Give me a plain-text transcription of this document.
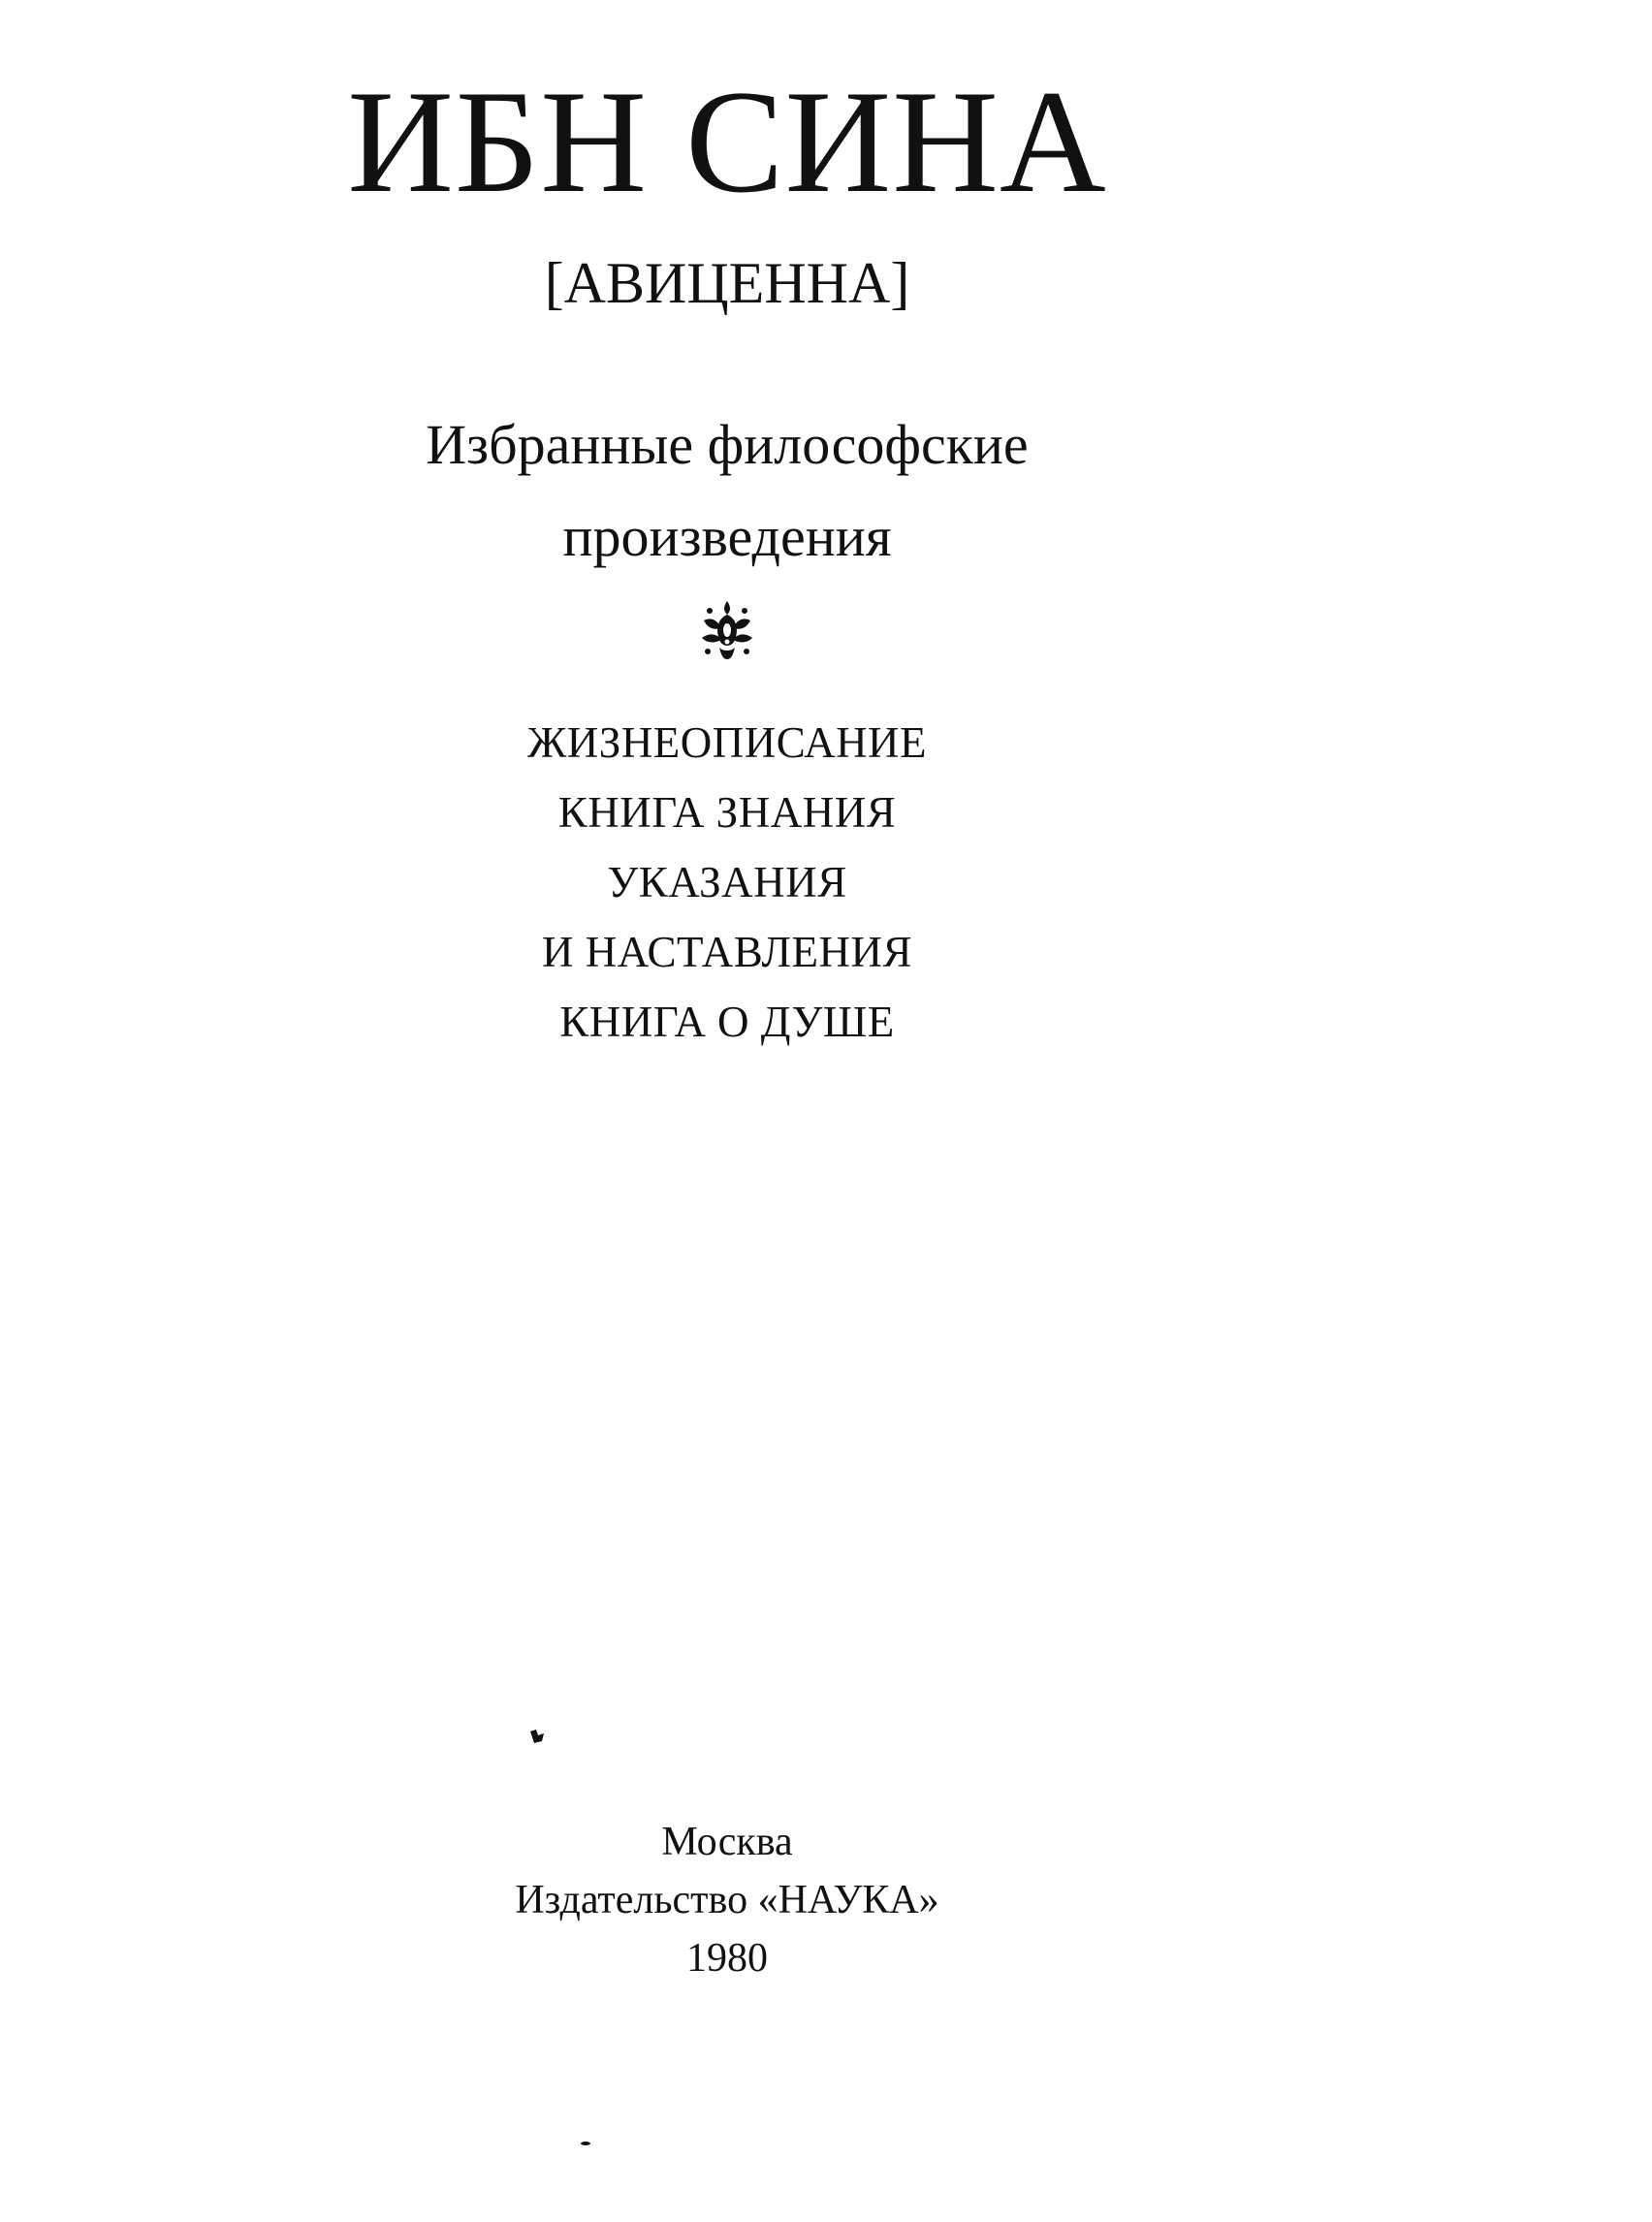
ИБН СИНА
[АВИЦЕННА]
Избранные философские
произведения
ЖИЗНЕОПИСАНИЕ
КНИГА ЗНАНИЯ
УКАЗАНИЯ
И НАСТАВЛЕНИЯ
КНИГА О ДУШЕ
Москва
Издательство «НАУКА»
1980
